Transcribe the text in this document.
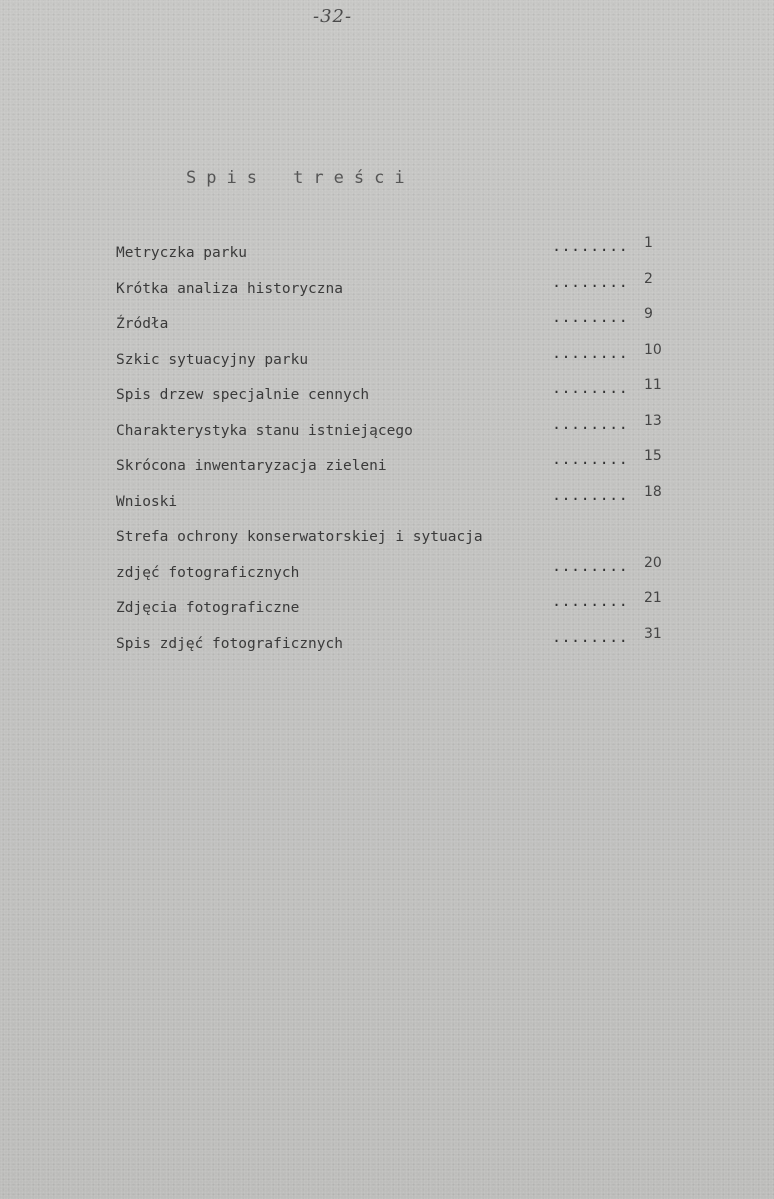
-32-
Spis treści
Metryczka parku	........ 1
Krótka analiza historyczna	........ 2
Źródła	........ 9
Szkic sytuacyjny parku	........ 10
Spis drzew specjalnie cennych	........ 11
Charakterystyka stanu istniejącego	........ 13
Skrócona inwentaryzacja zieleni	........ 15
Wnioski	........ 18
Strefa ochrony konserwatorskiej i sytuacja
zdjęć fotograficznych	........ 20
Zdjęcia fotograficzne	........ 21
Spis zdjęć fotograficznych	........ 31
